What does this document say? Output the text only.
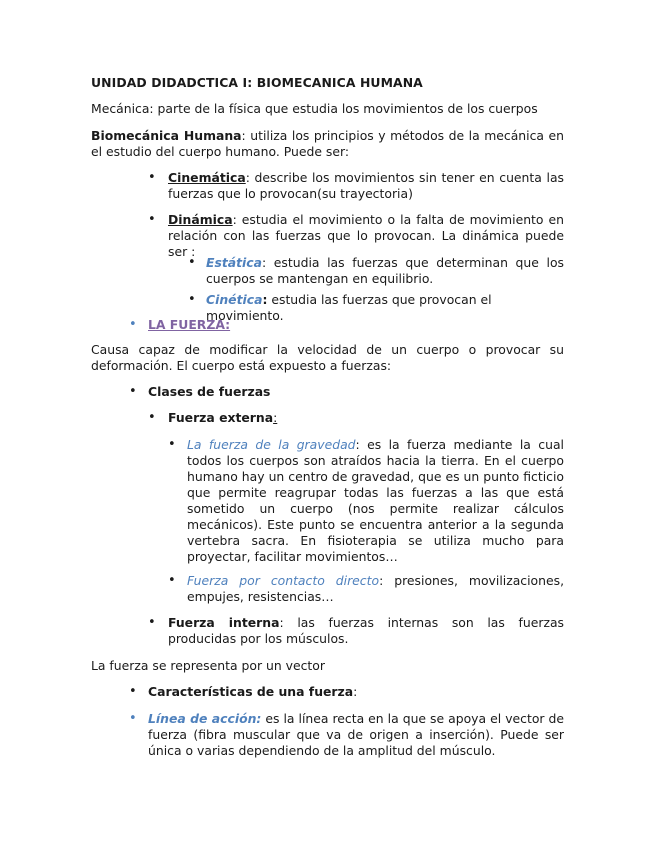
UNIDAD DIDADCTICA I: BIOMECANICA HUMANA

Mecánica: parte de la física que estudia los movimientos de los cuerpos

Biomecánica Humana: utiliza los principios y métodos de la mecánica en el estudio del cuerpo humano. Puede ser:

• Cinemática: describe los movimientos sin tener en cuenta las fuerzas que lo provocan(su trayectoria)

• Dinámica: estudia el movimiento o la falta de movimiento en relación con las fuerzas que lo provocan. La dinámica puede ser :

• Estática: estudia las fuerzas que determinan que los cuerpos se mantengan en equilibrio.

• Cinética: estudia las fuerzas que provocan el movimiento.

• LA FUERZA:

Causa capaz de modificar la velocidad de un cuerpo o provocar su deformación. El cuerpo está expuesto a fuerzas:

• Clases de fuerzas

• Fuerza externa:

• La fuerza de la gravedad: es la fuerza mediante la cual todos los cuerpos son atraídos hacia la tierra. En el cuerpo humano hay un centro de gravedad, que es un punto ficticio que permite reagrupar todas las fuerzas a las que está sometido un cuerpo (nos permite realizar cálculos mecánicos). Este punto se encuentra anterior a la segunda vertebra sacra. En fisioterapia se utiliza mucho para proyectar, facilitar movimientos…

• Fuerza por contacto directo: presiones, movilizaciones, empujes, resistencias…

• Fuerza interna: las fuerzas internas son las fuerzas producidas por los músculos.

La fuerza se representa por un vector

• Características de una fuerza:

• Línea de acción: es la línea recta en la que se apoya el vector de fuerza (fibra muscular que va de origen a inserción). Puede ser única o varias dependiendo de la amplitud del músculo.
